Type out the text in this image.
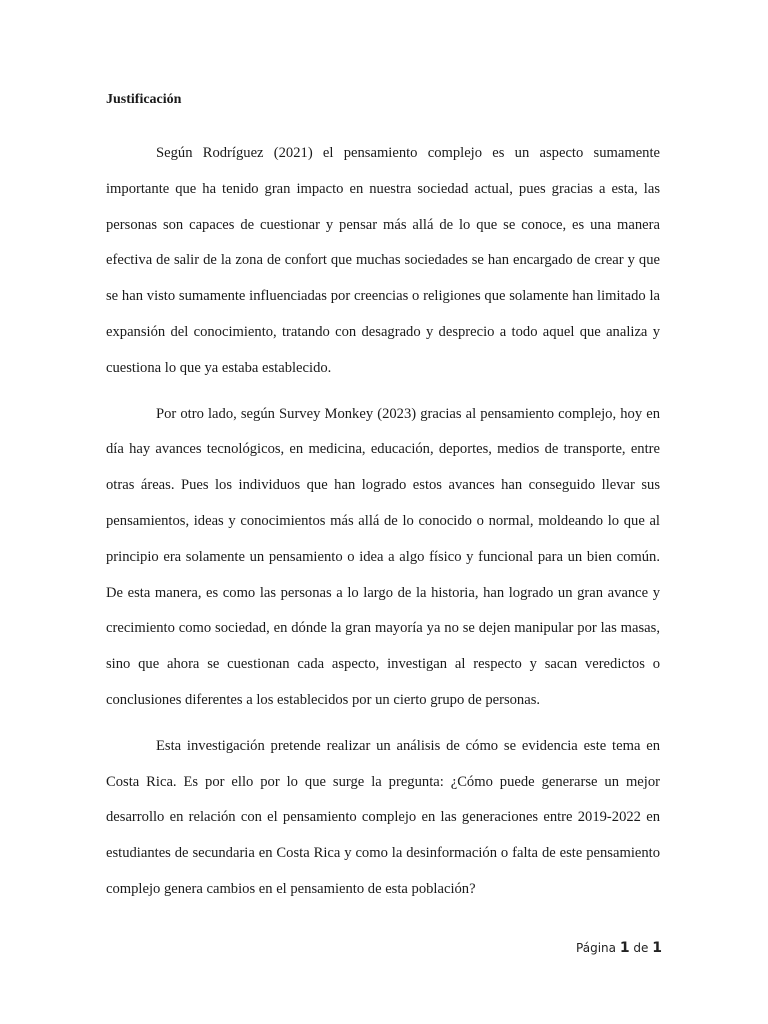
Justificación

Según Rodríguez (2021) el pensamiento complejo es un aspecto sumamente importante que ha tenido gran impacto en nuestra sociedad actual, pues gracias a esta, las personas son capaces de cuestionar y pensar más allá de lo que se conoce, es una manera efectiva de salir de la zona de confort que muchas sociedades se han encargado de crear y que se han visto sumamente influenciadas por creencias o religiones que solamente han limitado la expansión del conocimiento, tratando con desagrado y desprecio a todo aquel que analiza y cuestiona lo que ya estaba establecido.

Por otro lado, según Survey Monkey (2023) gracias al pensamiento complejo, hoy en día hay avances tecnológicos, en medicina, educación, deportes, medios de transporte, entre otras áreas. Pues los individuos que han logrado estos avances han conseguido llevar sus pensamientos, ideas y conocimientos más allá de lo conocido o normal, moldeando lo que al principio era solamente un pensamiento o idea a algo físico y funcional para un bien común. De esta manera, es como las personas a lo largo de la historia, han logrado un gran avance y crecimiento como sociedad, en dónde la gran mayoría ya no se dejen manipular por las masas, sino que ahora se cuestionan cada aspecto, investigan al respecto y sacan veredictos o conclusiones diferentes a los establecidos por un cierto grupo de personas.

Esta investigación pretende realizar un análisis de cómo se evidencia este tema en Costa Rica. Es por ello por lo que surge la pregunta: ¿Cómo puede generarse un mejor desarrollo en relación con el pensamiento complejo en las generaciones entre 2019-2022 en estudiantes de secundaria en Costa Rica y como la desinformación o falta de este pensamiento complejo genera cambios en el pensamiento de esta población?

Página 1 de 1
